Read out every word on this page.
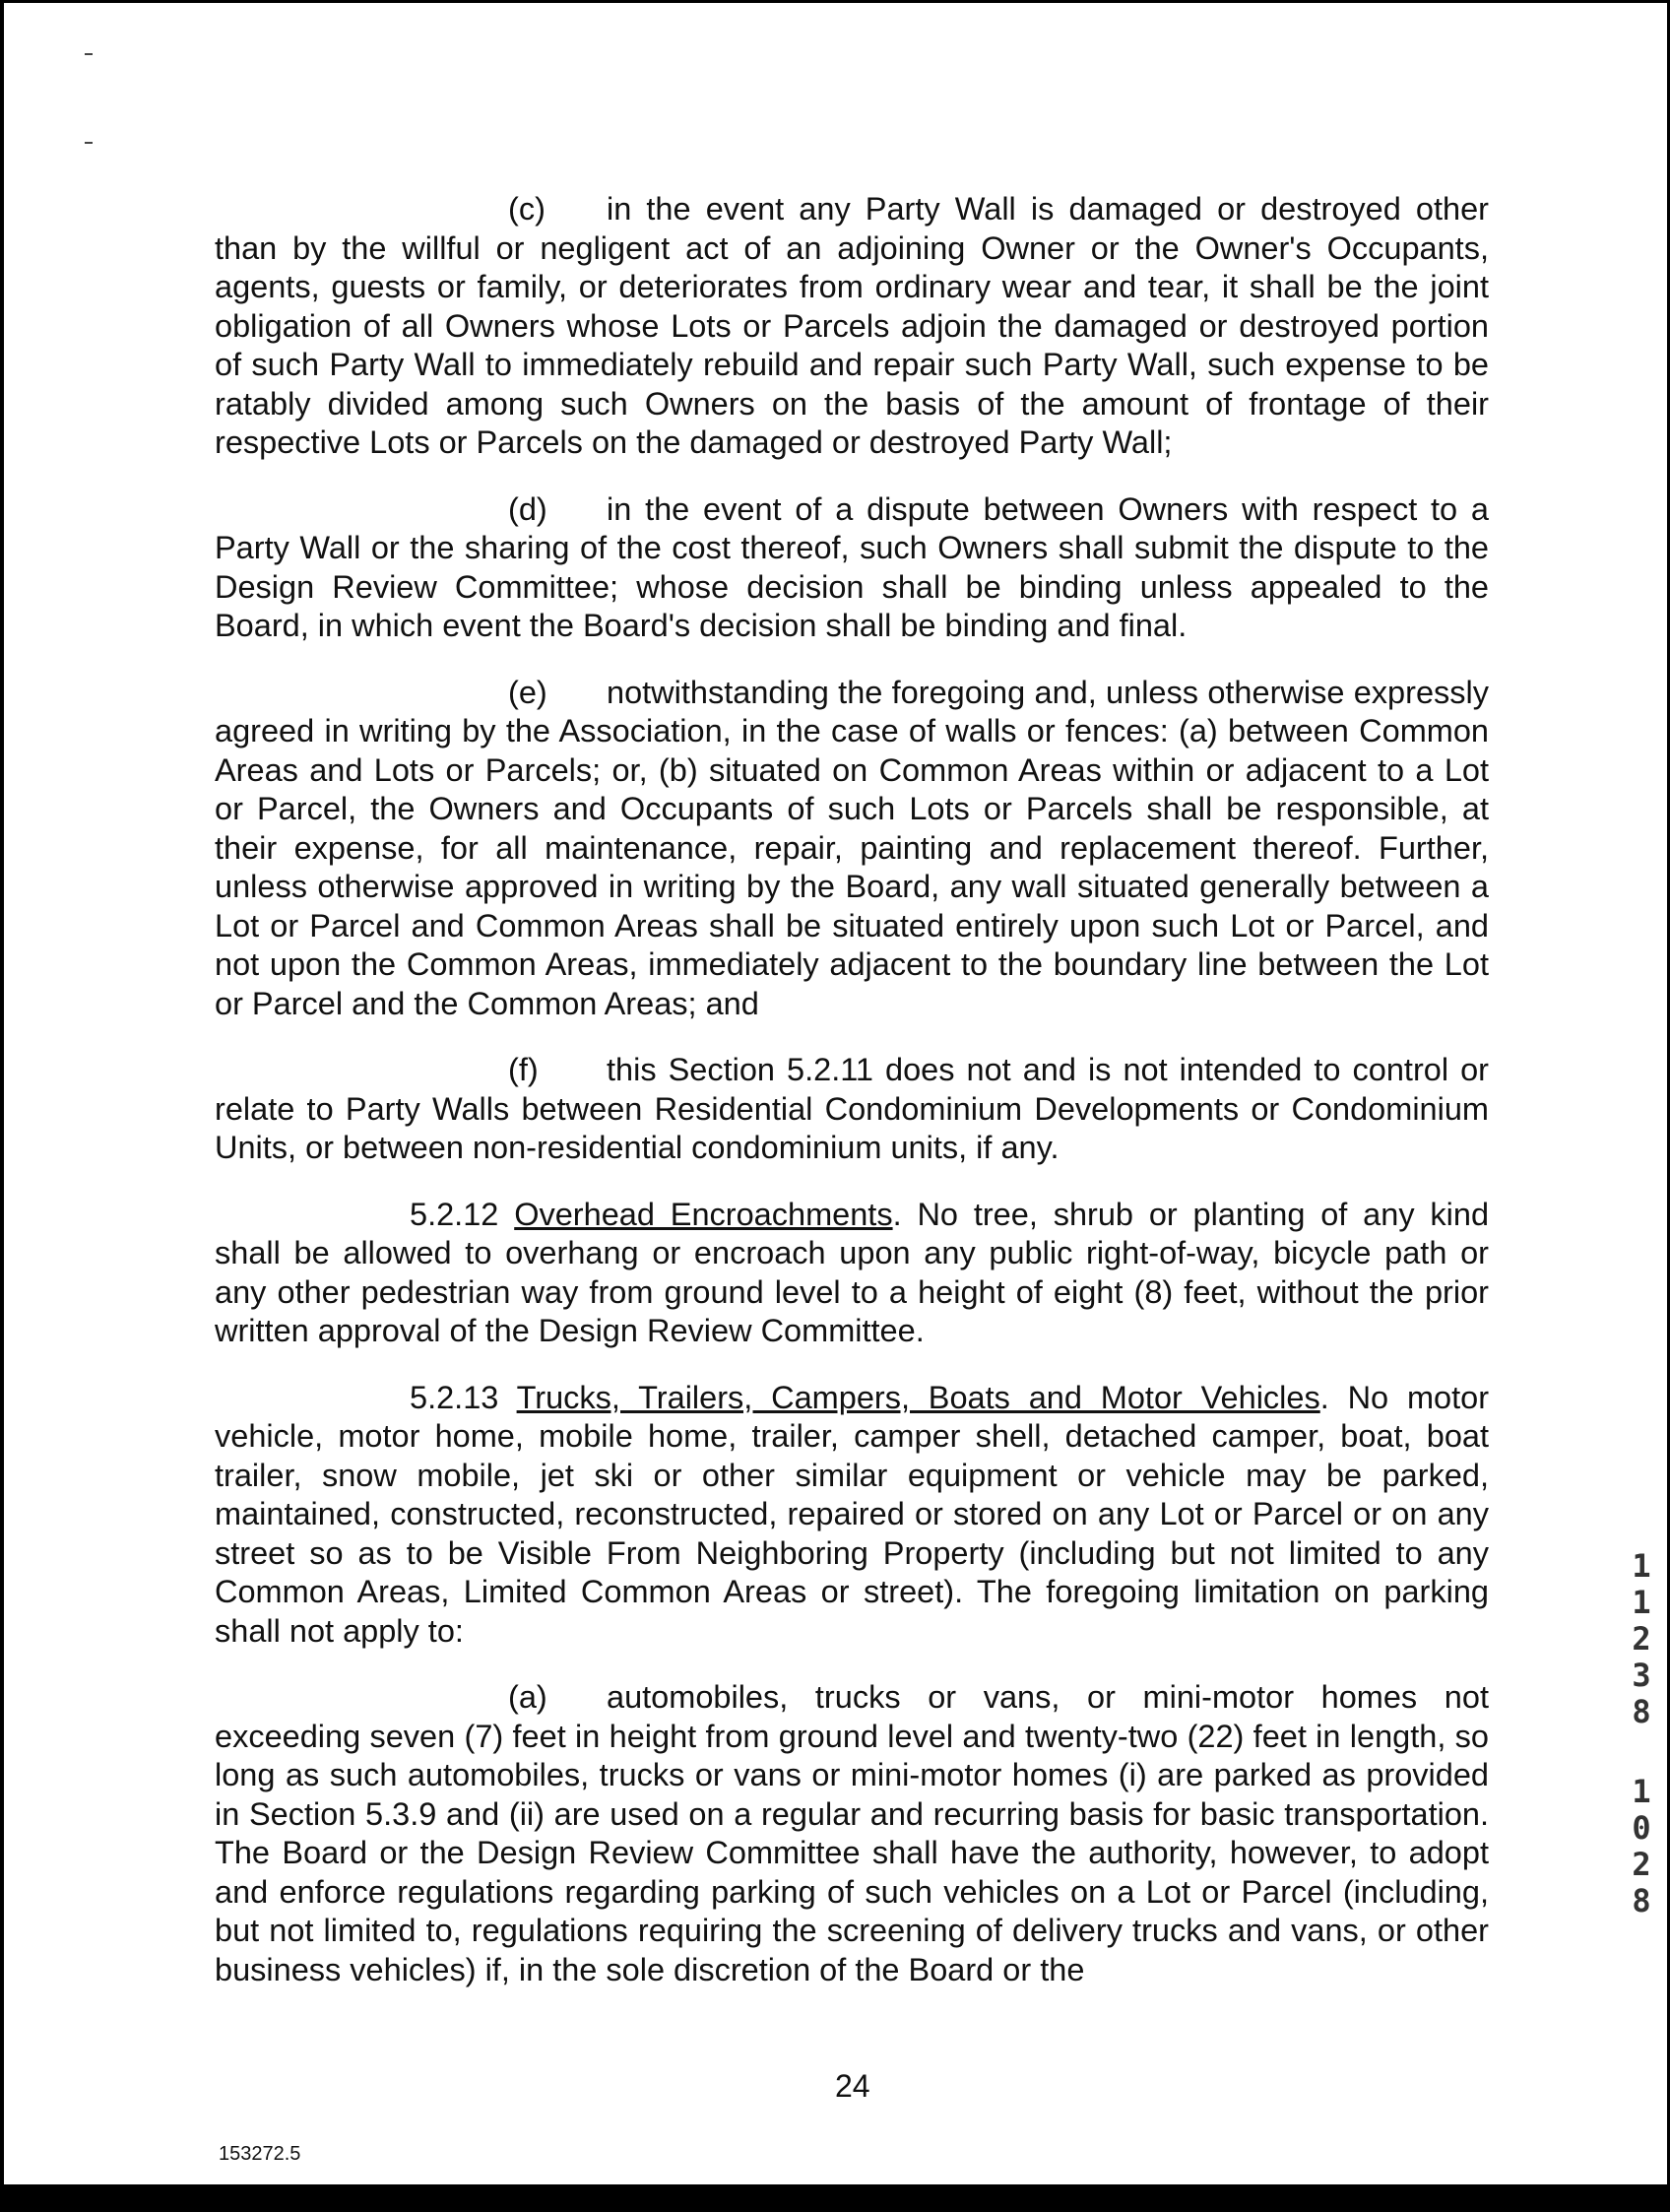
(c) in the event any Party Wall is damaged or destroyed other than by the willful or negligent act of an adjoining Owner or the Owner's Occupants, agents, guests or family, or deteriorates from ordinary wear and tear, it shall be the joint obligation of all Owners whose Lots or Parcels adjoin the damaged or destroyed portion of such Party Wall to immediately rebuild and repair such Party Wall, such expense to be ratably divided among such Owners on the basis of the amount of frontage of their respective Lots or Parcels on the damaged or destroyed Party Wall;

(d) in the event of a dispute between Owners with respect to a Party Wall or the sharing of the cost thereof, such Owners shall submit the dispute to the Design Review Committee; whose decision shall be binding unless appealed to the Board, in which event the Board's decision shall be binding and final.

(e) notwithstanding the foregoing and, unless otherwise expressly agreed in writing by the Association, in the case of walls or fences: (a) between Common Areas and Lots or Parcels; or, (b) situated on Common Areas within or adjacent to a Lot or Parcel, the Owners and Occupants of such Lots or Parcels shall be responsible, at their expense, for all maintenance, repair, painting and replacement thereof. Further, unless otherwise approved in writing by the Board, any wall situated generally between a Lot or Parcel and Common Areas shall be situated entirely upon such Lot or Parcel, and not upon the Common Areas, immediately adjacent to the boundary line between the Lot or Parcel and the Common Areas; and

(f) this Section 5.2.11 does not and is not intended to control or relate to Party Walls between Residential Condominium Developments or Condominium Units, or between non-residential condominium units, if any.

5.2.12 Overhead Encroachments. No tree, shrub or planting of any kind shall be allowed to overhang or encroach upon any public right-of-way, bicycle path or any other pedestrian way from ground level to a height of eight (8) feet, without the prior written approval of the Design Review Committee.

5.2.13 Trucks, Trailers, Campers, Boats and Motor Vehicles. No motor vehicle, motor home, mobile home, trailer, camper shell, detached camper, boat, boat trailer, snow mobile, jet ski or other similar equipment or vehicle may be parked, maintained, constructed, reconstructed, repaired or stored on any Lot or Parcel or on any street so as to be Visible From Neighboring Property (including but not limited to any Common Areas, Limited Common Areas or street). The foregoing limitation on parking shall not apply to:

(a) automobiles, trucks or vans, or mini-motor homes not exceeding seven (7) feet in height from ground level and twenty-two (22) feet in length, so long as such automobiles, trucks or vans or mini-motor homes (i) are parked as provided in Section 5.3.9 and (ii) are used on a regular and recurring basis for basic transportation. The Board or the Design Review Committee shall have the authority, however, to adopt and enforce regulations regarding parking of such vehicles on a Lot or Parcel (including, but not limited to, regulations requiring the screening of delivery trucks and vans, or other business vehicles) if, in the sole discretion of the Board or the

24
153272.5
1
1
2
3
8
1
0
2
8
